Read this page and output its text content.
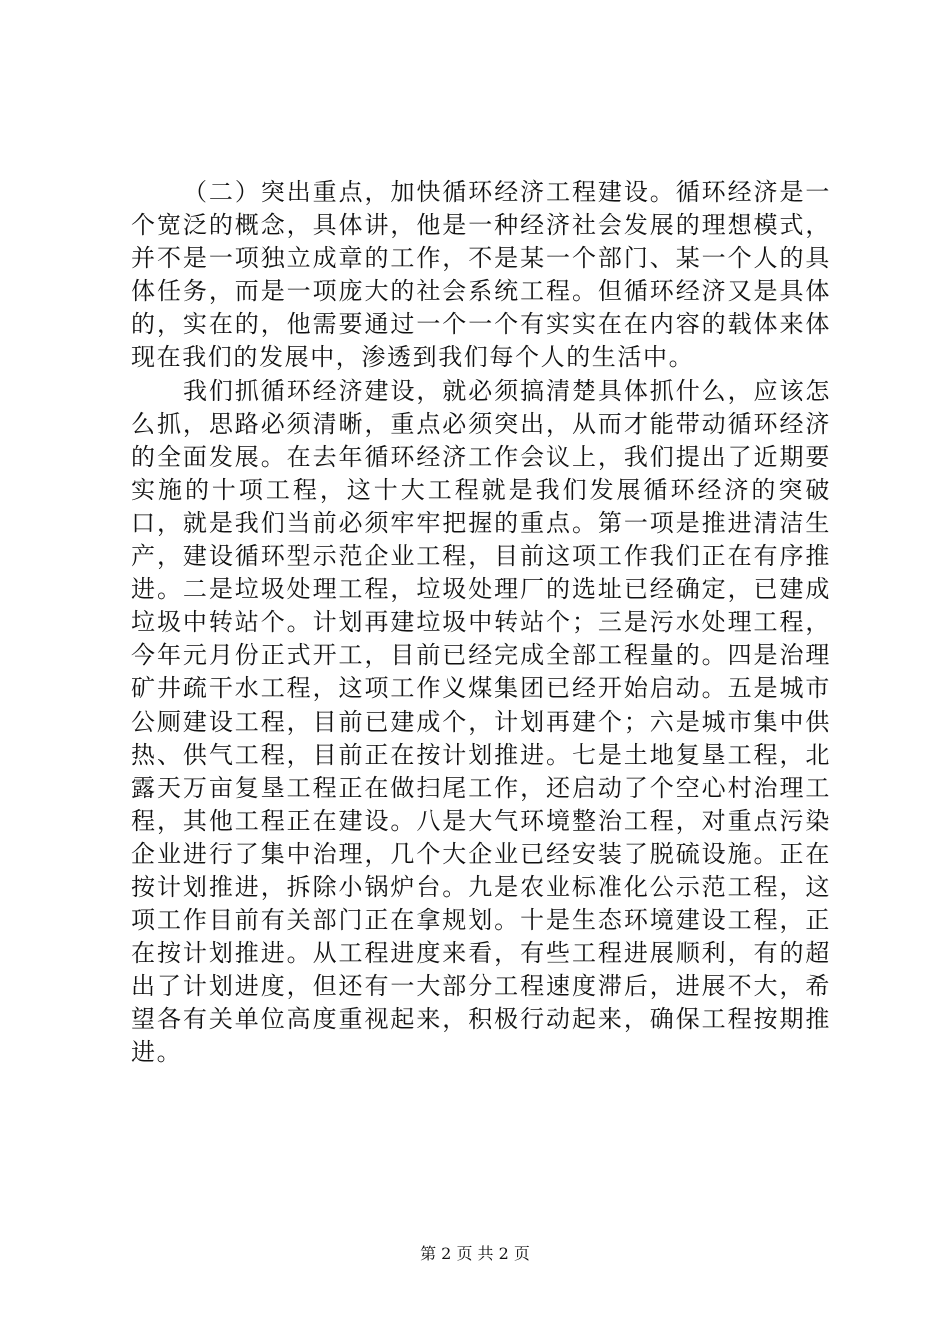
（二）突出重点，加快循环经济工程建设。循环经济是一个宽泛的概念，具体讲，他是一种经济社会发展的理想模式，并不是一项独立成章的工作，不是某一个部门、某一个人的具体任务，而是一项庞大的社会系统工程。但循环经济又是具体的，实在的，他需要通过一个一个有实实在在内容的载体来体现在我们的发展中，渗透到我们每个人的生活中。

我们抓循环经济建设，就必须搞清楚具体抓什么，应该怎么抓，思路必须清晰，重点必须突出，从而才能带动循环经济的全面发展。在去年循环经济工作会议上，我们提出了近期要实施的十项工程，这十大工程就是我们发展循环经济的突破口，就是我们当前必须牢牢把握的重点。第一项是推进清洁生产，建设循环型示范企业工程，目前这项工作我们正在有序推进。二是垃圾处理工程，垃圾处理厂的选址已经确定，已建成垃圾中转站个。计划再建垃圾中转站个；三是污水处理工程，今年元月份正式开工，目前已经完成全部工程量的。四是治理矿井疏干水工程，这项工作义煤集团已经开始启动。五是城市公厕建设工程，目前已建成个，计划再建个；六是城市集中供热、供气工程，目前正在按计划推进。七是土地复垦工程，北露天万亩复垦工程正在做扫尾工作，还启动了个空心村治理工程，其他工程正在建设。八是大气环境整治工程，对重点污染企业进行了集中治理，几个大企业已经安装了脱硫设施。正在按计划推进，拆除小锅炉台。九是农业标准化公示范工程，这项工作目前有关部门正在拿规划。十是生态环境建设工程，正在按计划推进。从工程进度来看，有些工程进展顺利，有的超出了计划进度，但还有一大部分工程速度滞后，进展不大，希望各有关单位高度重视起来，积极行动起来，确保工程按期推进。

第 2 页 共 2 页
